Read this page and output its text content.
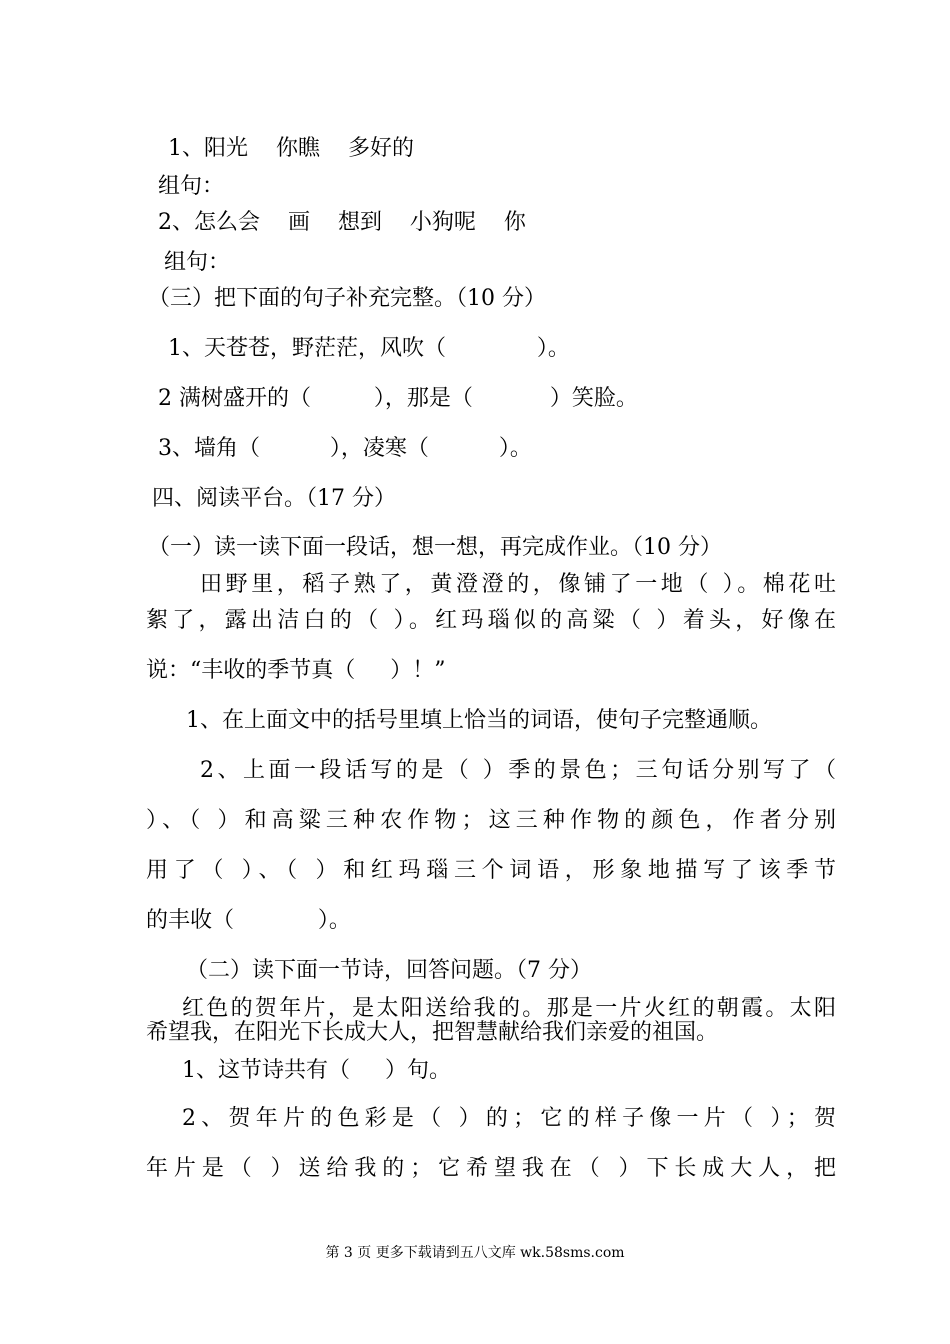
1、阳光    你瞧    多好的
组句：
2、怎么会    画    想到    小狗呢    你
组句：
（三）把下面的句子补充完整。（10 分）
1、天苍苍，野茫茫，风吹（             ）。
2 满树盛开的（         ），那是（           ）笑脸。
3、墙角（          ），凌寒（          ）。
四、阅读平台。（17 分）
（一）读一读下面一段话，想一想，再完成作业。（10 分）
田野里，稻子熟了，黄澄澄的，像铺了一地（ ）。棉花吐
絮了，露出洁白的（ ）。红玛瑙似的高粱（ ）着头，好像在
说：“丰收的季节真（     ）！”
1、在上面文中的括号里填上恰当的词语，使句子完整通顺。
2、上面一段话写的是（ ）季的景色；三句话分别写了（
）、（ ）和高粱三种农作物；这三种作物的颜色，作者分别
用了（ ）、（ ）和红玛瑙三个词语，形象地描写了该季节
的丰收（            ）。
（二）读下面一节诗，回答问题。（7 分）
红色的贺年片，是太阳送给我的。那是一片火红的朝霞。太阳
希望我，在阳光下长成大人，把智慧献给我们亲爱的祖国。
1、这节诗共有（     ）句。
2、贺年片的色彩是（ ）的；它的样子像一片（ ）；贺
年片是（ ）送给我的；它希望我在（ ）下长成大人，把
第 3 页 更多下载请到五八文库 wk.58sms.com
